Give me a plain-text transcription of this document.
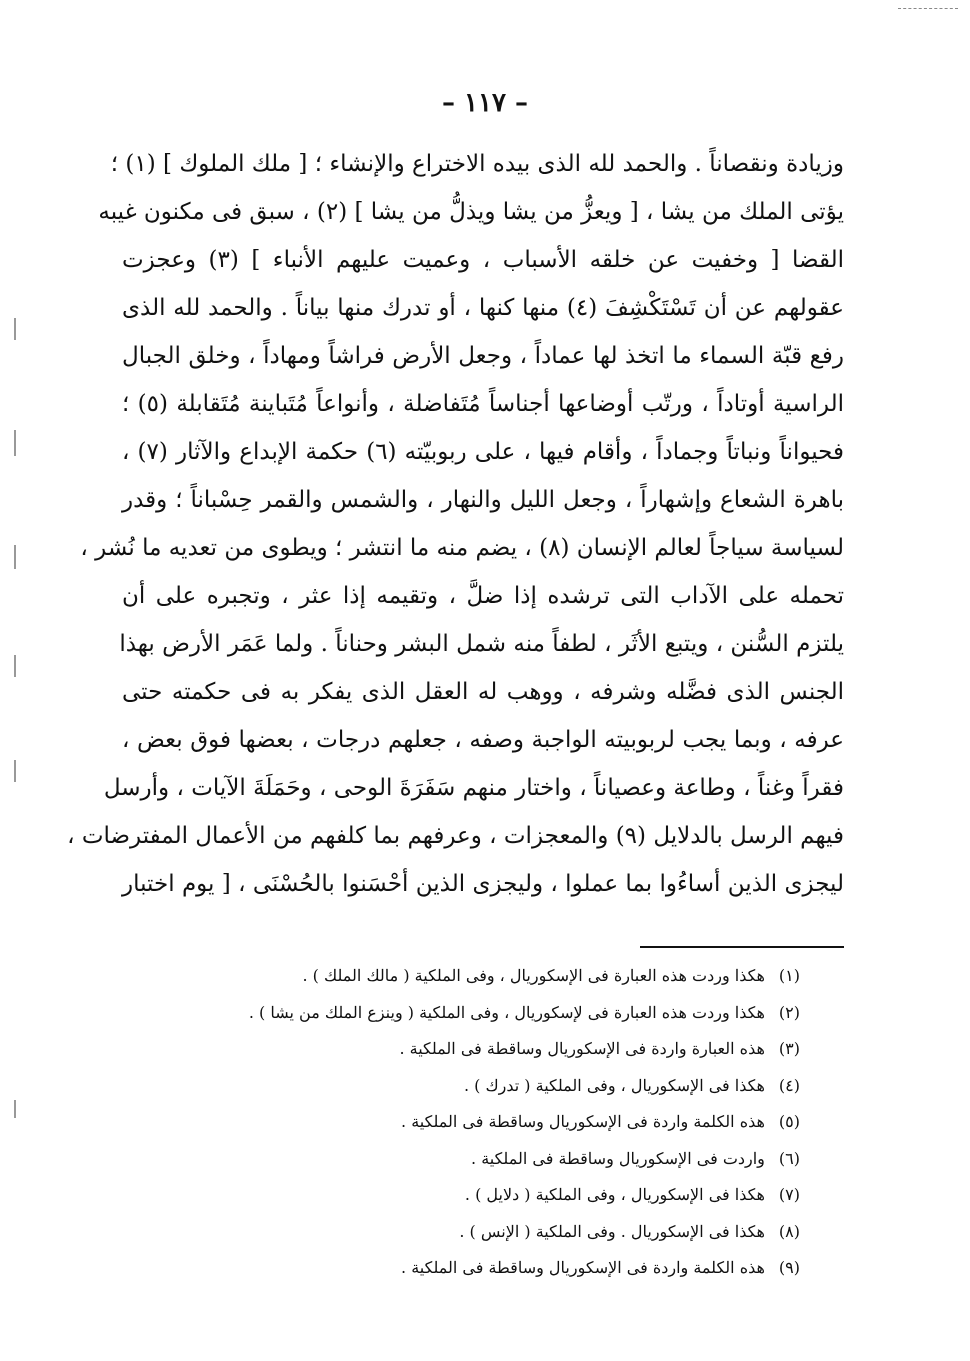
– ١١٧ –
وزيادة ونقصاناً . والحمد لله الذى بيده الاختراع والإنشاء ؛ [ ملك الملوك ] (١) ؛
يؤتى الملك من يشا ، [ ويعزُّ من يشا ويذلُّ من يشا ] (٢) ، سبق فى مكنون غيبه
القضا [ وخفيت عن خلقه الأسباب ، وعميت عليهم الأنباء ] (٣) وعجزت
عقولهم عن أن تَسْتَكْشِفَ (٤) منها كنها ، أو تدرك منها بياناً . والحمد لله الذى
رفع قبّة السماء ما اتخذ لها عماداً ، وجعل الأرض فراشاً ومهاداً ، وخلق الجبال
الراسية أوتاداً ، ورتّب أوضاعها أجناساً مُتَفاضلة ، وأنواعاً مُتَباينة مُتَقابلة (٥) ؛
فحيواناً ونباتاً وجماداً ، وأقام فيها ، على ربوبيّته (٦) حكمة الإبداع والآثار (٧) ،
باهرة الشعاع وإشهاراً ، وجعل الليل والنهار ، والشمس والقمر حِسْباناً ؛ وقدر
لسياسة سياجاً لعالم الإنسان (٨) ، يضم منه ما انتشر ؛ ويطوى من تعديه ما نُشر ،
تحمله على الآداب التى ترشده إذا ضلَّ ، وتقيمه إذا عثر ، وتجبره على أن
يلتزم السُّنن ، ويتبع الأثَر ، لطفاً منه شمل البشر وحناناً . ولما عَمَر الأرض بهذا
الجنس الذى فضَّله وشرفه ، ووهب له العقل الذى يفكر به فى حكمته حتى
عرفه ، وبما يجب لربوبيته الواجبة وصفه ، جعلهم درجات ، بعضها فوق بعض ،
فقراً وغناً ، وطاعة وعصياناً ، واختار منهم سَفَرَةَ الوحى ، وحَمَلَةَ الآيات ، وأرسل
فيهم الرسل بالدلايل (٩) والمعجزات ، وعرفهم بما كلفهم من الأعمال المفترضات ،
ليجزى الذين أساءُوا بما عملوا ، وليجزى الذين أحْسَنوا بالحُسْنَى ، [ يوم اختبار
(١) هكذا وردت هذه العبارة فى الإسكوريال ، وفى الملكية ( مالك الملك ) .
(٢) هكذا وردت هذه العبارة فى لإسكوريال ، وفى الملكية ( وينزع الملك من يشا ) .
(٣) هذه العبارة واردة فى الإسكوريال وساقطة فى الملكية .
(٤) هكذا فى الإسكوريال ، وفى الملكية ( تدرك ) .
(٥) هذه الكلمة واردة فى الإسكوريال وساقطة فى الملكية .
(٦) واردت فى الإسكوريال وساقطة فى الملكية .
(٧) هكذا فى الإسكوريال ، وفى الملكية ( دلايل ) .
(٨) هكذا فى الإسكوريال . وفى الملكية ( الإنس ) .
(٩) هذه الكلمة واردة فى الإسكوريال وساقطة فى الملكية .
